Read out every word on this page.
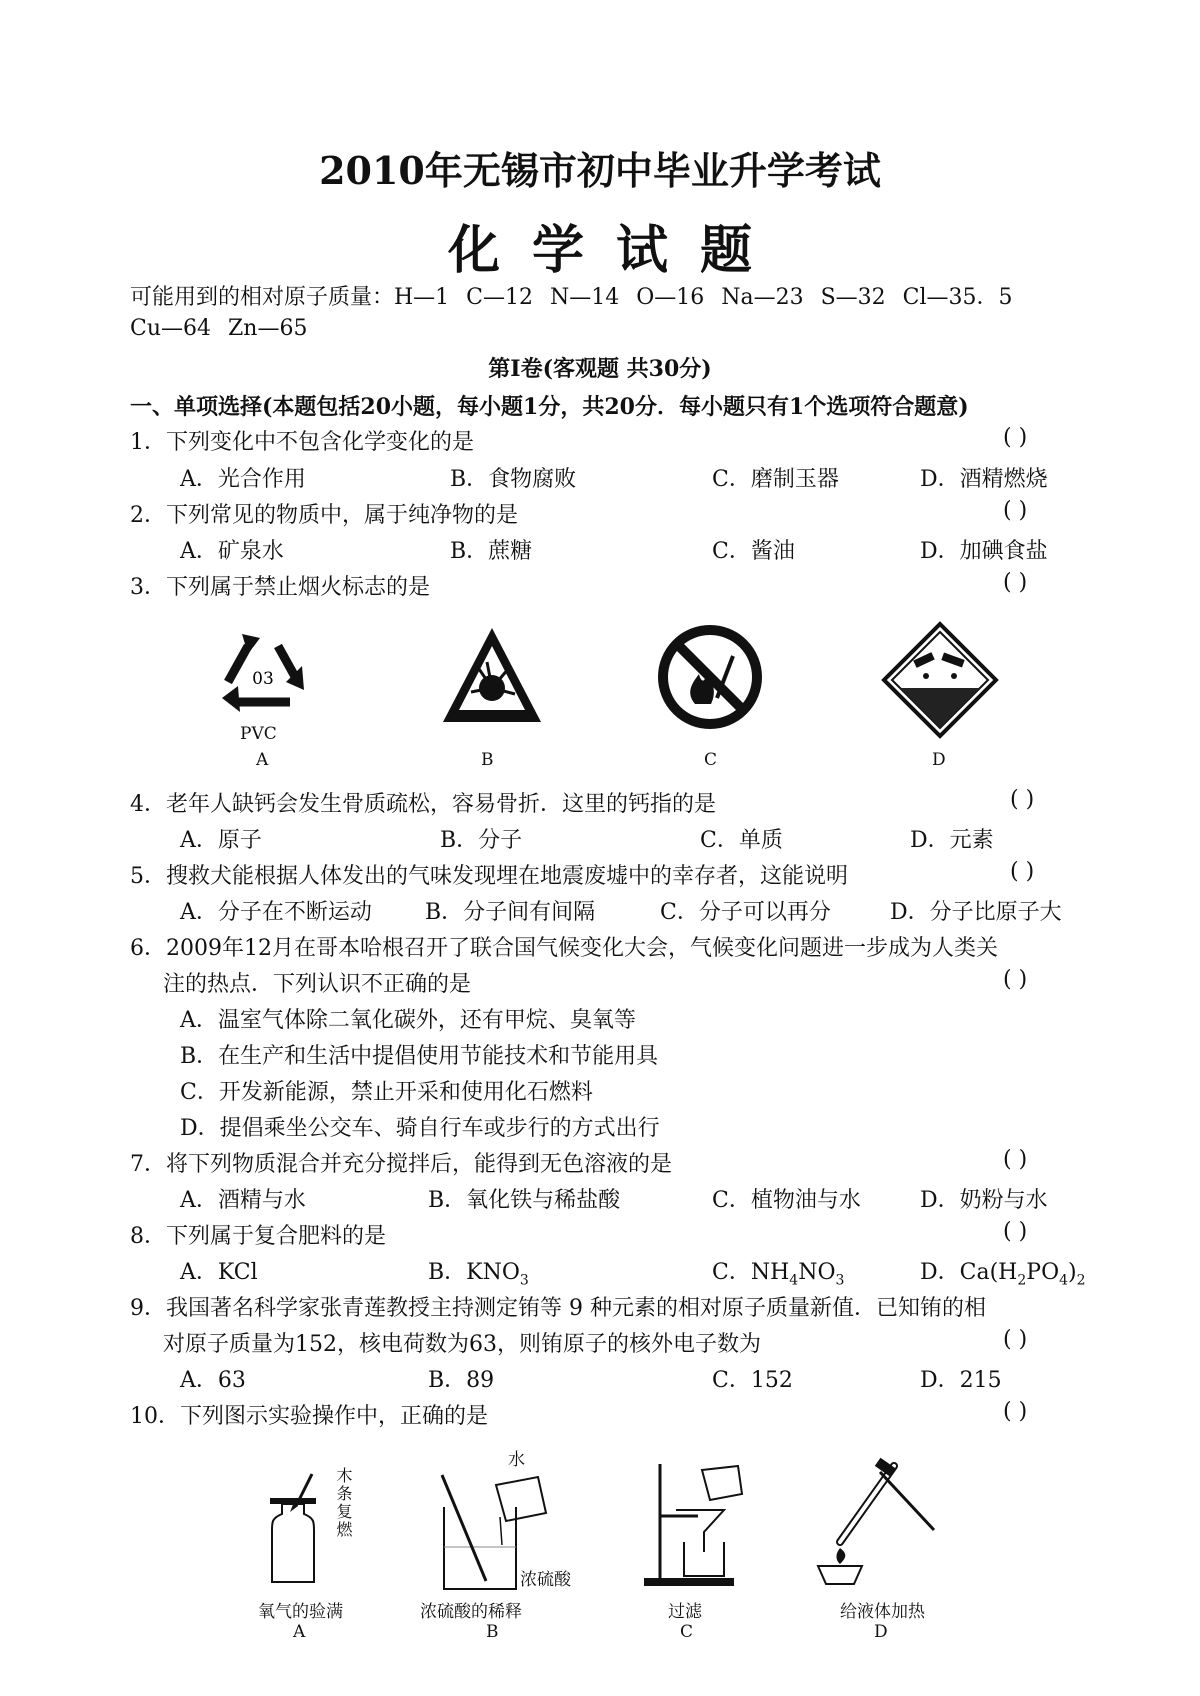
2010年无锡市初中毕业升学考试
化学试题
可能用到的相对原子质量：H—1 C—12 N—14 O—16 Na—23 S—32 Cl—35．5
Cu—64 Zn—65
第Ⅰ卷(客观题 共30分)
一、单项选择(本题包括20小题，每小题1分，共20分．每小题只有1个选项符合题意)
1．下列变化中不包含化学变化的是	( )
A．光合作用	B．食物腐败	C．磨制玉器	D．酒精燃烧
2．下列常见的物质中，属于纯净物的是	( )
A．矿泉水	B．蔗糖	C．酱油	D．加碘食盐
3．下列属于禁止烟火标志的是	( )
03
PVC
A	B	C	D
4．老年人缺钙会发生骨质疏松，容易骨折．这里的钙指的是	( )
A．原子	B．分子	C．单质	D．元素
5．搜救犬能根据人体发出的气味发现埋在地震废墟中的幸存者，这能说明	( )
A．分子在不断运动 B．分子间有间隔	C．分子可以再分	D．分子比原子大
6．2009年12月在哥本哈根召开了联合国气候变化大会，气候变化问题进一步成为人类关
注的热点．下列认识不正确的是	( )
A．温室气体除二氧化碳外，还有甲烷、臭氧等
B．在生产和生活中提倡使用节能技术和节能用具
C．开发新能源，禁止开采和使用化石燃料
D．提倡乘坐公交车、骑自行车或步行的方式出行
7．将下列物质混合并充分搅拌后，能得到无色溶液的是	( )
A．酒精与水	B．氧化铁与稀盐酸	C．植物油与水	D．奶粉与水
8．下列属于复合肥料的是	( )
A．KCl	B．$KNO_3$	C．$NH_4NO_3$	D．$Ca(H_2PO_4)_2$
9．我国著名科学家张青莲教授主持测定铕等 9 种元素的相对原子质量新值．已知铕的相
对原子质量为152，核电荷数为63，则铕原子的核外电子数为	( )
A．63	B．89	C．152	D．215
10．下列图示实验操作中，正确的是	( )
木条复燃
氧气的验满
A
水
浓硫酸
浓硫酸的稀释
B
过滤
C
给液体加热
D
